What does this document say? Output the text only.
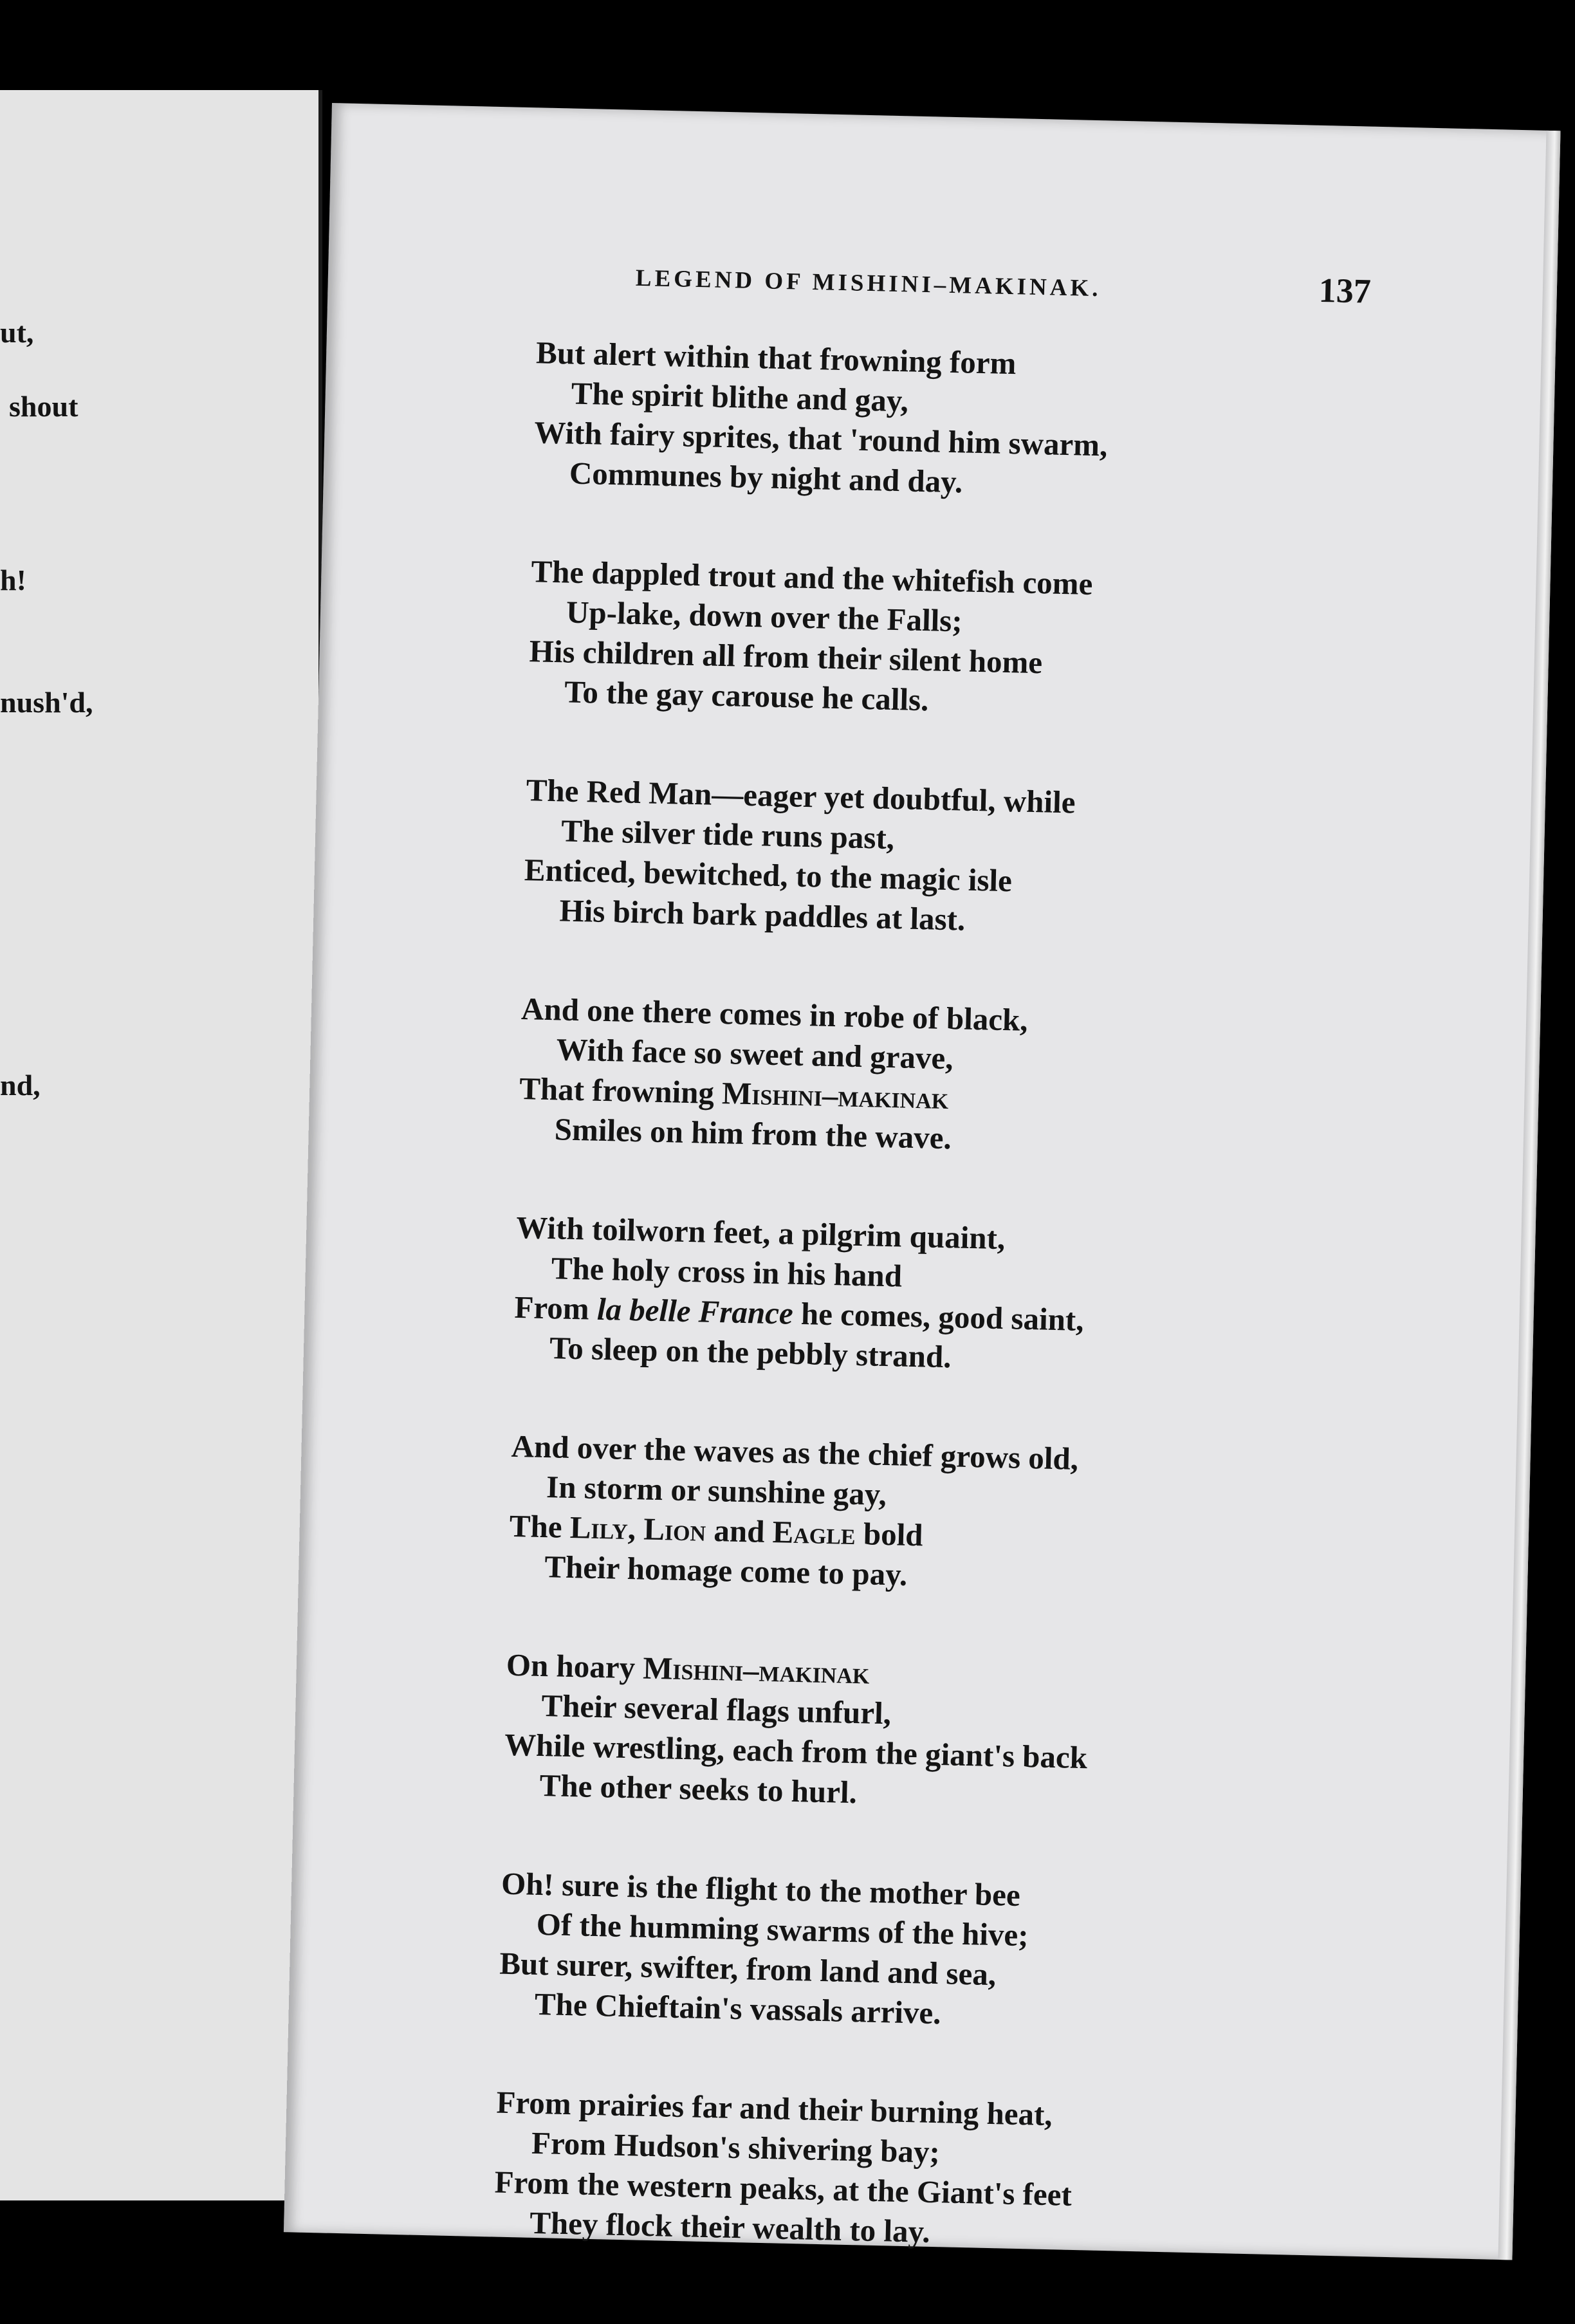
ut,
shout
h!
nush'd,
nd,
LEGEND OF MISHINI–MAKINAK.	137
But alert within that frowning form
The spirit blithe and gay,
With fairy sprites, that 'round him swarm,
Communes by night and day.
The dappled trout and the whitefish come
Up-lake, down over the Falls;
His children all from their silent home
To the gay carouse he calls.
The Red Man—eager yet doubtful, while
The silver tide runs past,
Enticed, bewitched, to the magic isle
His birch bark paddles at last.
And one there comes in robe of black,
With face so sweet and grave,
That frowning Mishini–makinak
Smiles on him from the wave.
With toilworn feet, a pilgrim quaint,
The holy cross in his hand
From la belle France he comes, good saint,
To sleep on the pebbly strand.
And over the waves as the chief grows old,
In storm or sunshine gay,
The Lily, Lion and Eagle bold
Their homage come to pay.
On hoary Mishini–makinak
Their several flags unfurl,
While wrestling, each from the giant's back
The other seeks to hurl.
Oh! sure is the flight to the mother bee
Of the humming swarms of the hive;
But surer, swifter, from land and sea,
The Chieftain's vassals arrive.
From prairies far and their burning heat,
From Hudson's shivering bay;
From the western peaks, at the Giant's feet
They flock their wealth to lay.
